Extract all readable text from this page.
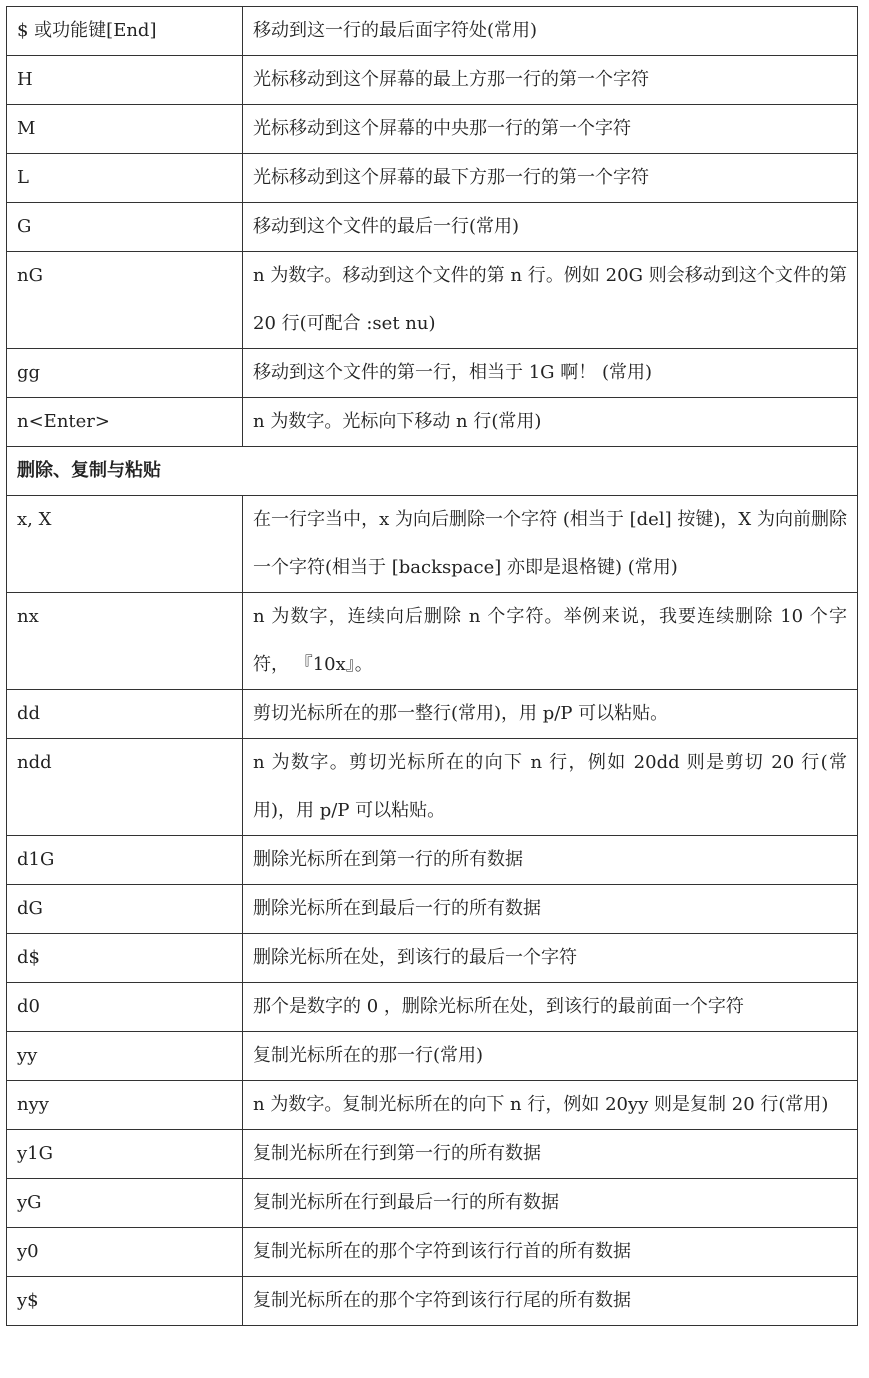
$ 或功能键[End]	移动到这一行的最后面字符处(常用)
H	光标移动到这个屏幕的最上方那一行的第一个字符
M	光标移动到这个屏幕的中央那一行的第一个字符
L	光标移动到这个屏幕的最下方那一行的第一个字符
G	移动到这个文件的最后一行(常用)
nG	n 为数字。移动到这个文件的第 n 行。例如 20G 则会移动到这个文件的第 20 行(可配合 :set nu)
gg	移动到这个文件的第一行，相当于 1G 啊！ (常用)
n<Enter>	n 为数字。光标向下移动 n 行(常用)
删除、复制与粘贴	
x, X	在一行字当中，x 为向后删除一个字符 (相当于 [del] 按键)，X 为向前删除一个字符(相当于 [backspace] 亦即是退格键) (常用)
nx	n 为数字，连续向后删除 n 个字符。举例来说，我要连续删除 10 个字符， 『10x』。
dd	剪切光标所在的那一整行(常用)，用 p/P 可以粘贴。
ndd	n 为数字。剪切光标所在的向下 n 行，例如 20dd 则是剪切 20 行(常用)，用 p/P 可以粘贴。
d1G	删除光标所在到第一行的所有数据
dG	删除光标所在到最后一行的所有数据
d$	删除光标所在处，到该行的最后一个字符
d0	那个是数字的 0 ，删除光标所在处，到该行的最前面一个字符
yy	复制光标所在的那一行(常用)
nyy	n 为数字。复制光标所在的向下 n 行，例如 20yy 则是复制 20 行(常用)
y1G	复制光标所在行到第一行的所有数据
yG	复制光标所在行到最后一行的所有数据
y0	复制光标所在的那个字符到该行行首的所有数据
y$	复制光标所在的那个字符到该行行尾的所有数据
